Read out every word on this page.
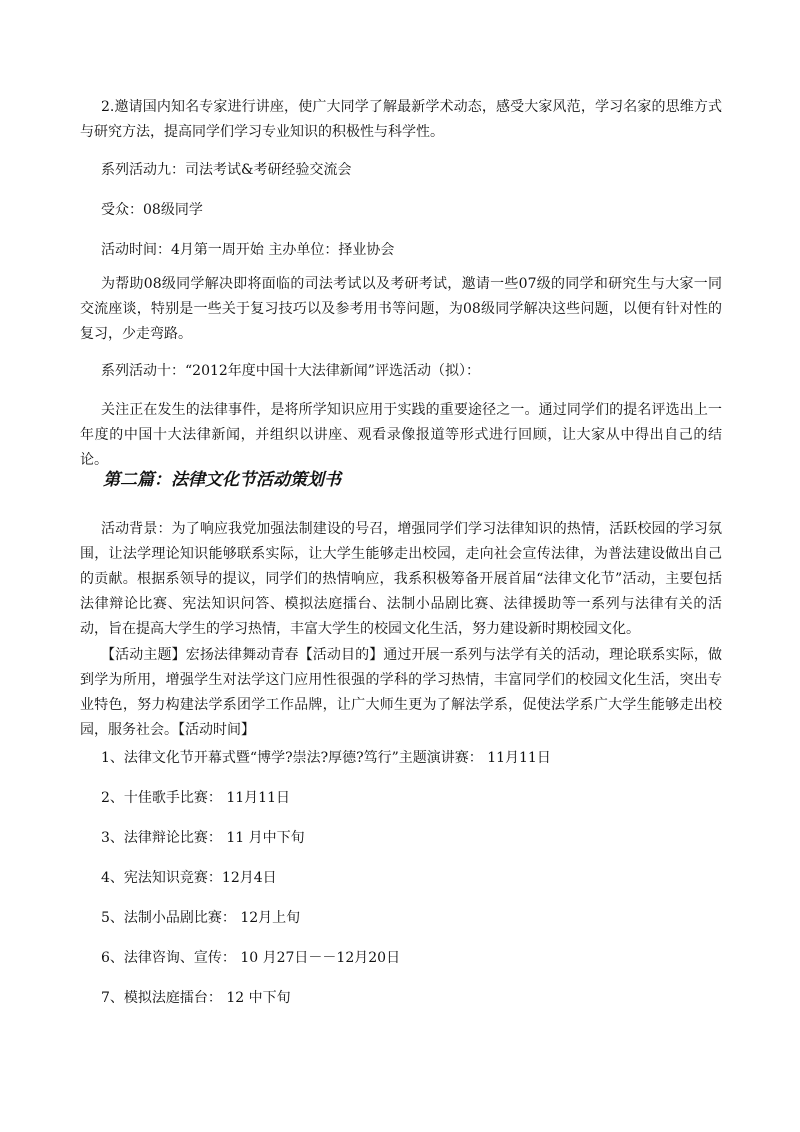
2.邀请国内知名专家进行讲座，使广大同学了解最新学术动态，感受大家风范，学习名家的思维方式与研究方法，提高同学们学习专业知识的积极性与科学性。

系列活动九：司法考试&考研经验交流会

受众：08级同学

活动时间：4月第一周开始 主办单位：择业协会

为帮助08级同学解决即将面临的司法考试以及考研考试，邀请一些07级的同学和研究生与大家一同交流座谈，特别是一些关于复习技巧以及参考用书等问题，为08级同学解决这些问题，以便有针对性的复习，少走弯路。

系列活动十：“2012年度中国十大法律新闻”评选活动（拟）：

关注正在发生的法律事件，是将所学知识应用于实践的重要途径之一。通过同学们的提名评选出上一年度的中国十大法律新闻，并组织以讲座、观看录像报道等形式进行回顾，让大家从中得出自己的结论。

第二篇：法律文化节活动策划书

活动背景：为了响应我党加强法制建设的号召，增强同学们学习法律知识的热情，活跃校园的学习氛围，让法学理论知识能够联系实际，让大学生能够走出校园，走向社会宣传法律，为普法建设做出自己的贡献。根据系领导的提议，同学们的热情响应，我系积极筹备开展首届“法律文化节”活动，主要包括法律辩论比赛、宪法知识问答、模拟法庭擂台、法制小品剧比赛、法律援助等一系列与法律有关的活动，旨在提高大学生的学习热情，丰富大学生的校园文化生活，努力建设新时期校园文化。

【活动主题】宏扬法律舞动青春【活动目的】通过开展一系列与法学有关的活动，理论联系实际，做到学为所用，增强学生对法学这门应用性很强的学科的学习热情，丰富同学们的校园文化生活，突出专业特色，努力构建法学系团学工作品牌，让广大师生更为了解法学系，促使法学系广大学生能够走出校园，服务社会。【活动时间】

1、法律文化节开幕式暨“博学?崇法?厚德?笃行”主题演讲赛： 11月11日

2、十佳歌手比赛： 11月11日

3、法律辩论比赛： 11 月中下旬

4、宪法知识竞赛：12月4日

5、法制小品剧比赛： 12月上旬

6、法律咨询、宣传： 10 月27日－－12月20日

7、模拟法庭擂台： 12 中下旬
